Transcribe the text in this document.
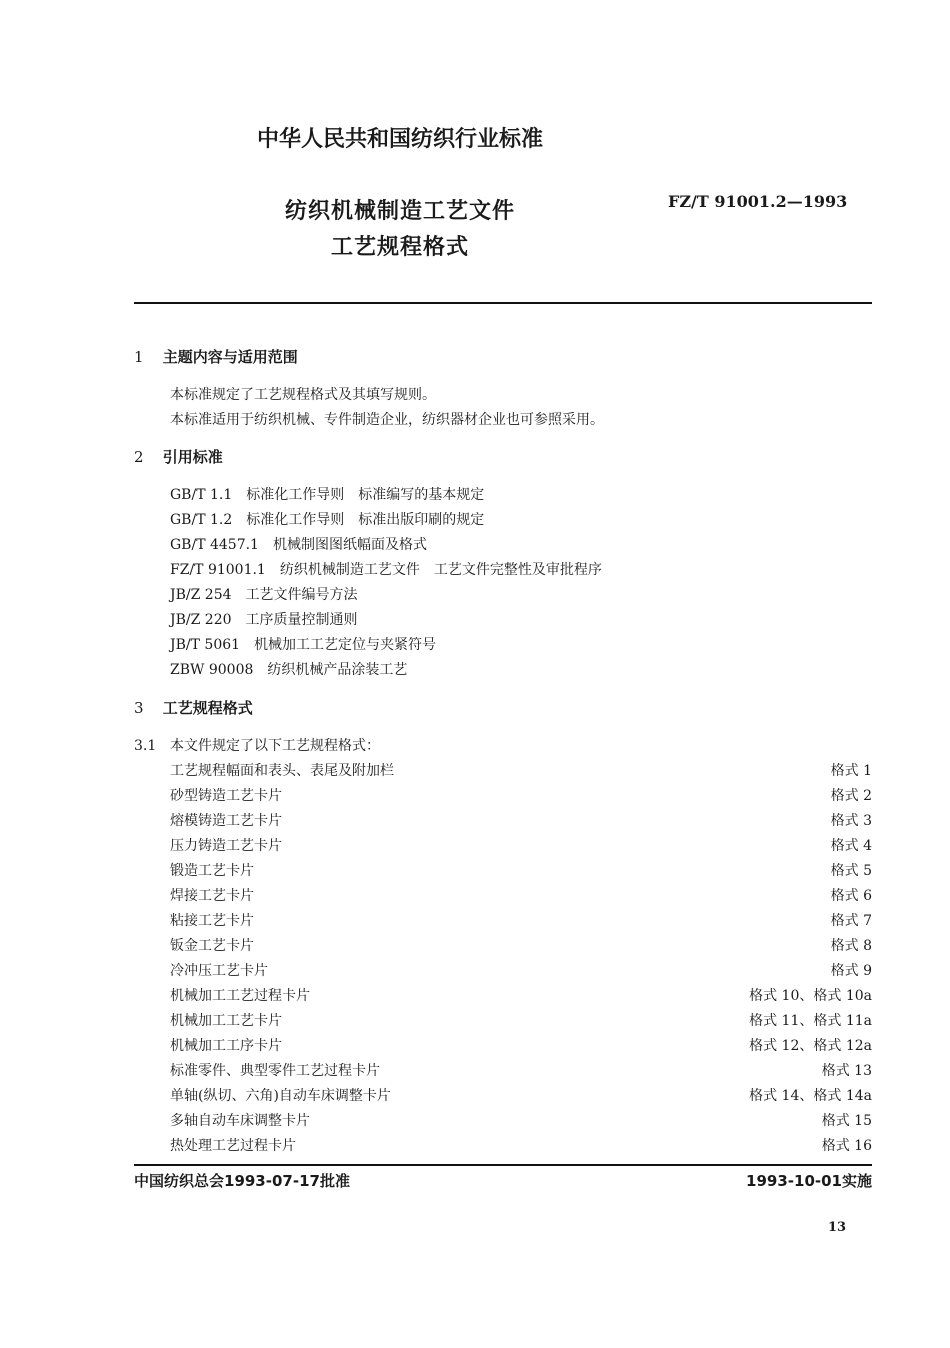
中华人民共和国纺织行业标准
纺织机械制造工艺文件
工艺规程格式
FZ/T 91001.2—1993
1 主题内容与适用范围
本标准规定了工艺规程格式及其填写规则。
本标准适用于纺织机械、专件制造企业，纺织器材企业也可参照采用。
2 引用标准
GB/T 1.1 标准化工作导则　标准编写的基本规定
GB/T 1.2 标准化工作导则　标准出版印刷的规定
GB/T 4457.1 机械制图图纸幅面及格式
FZ/T 91001.1 纺织机械制造工艺文件　工艺文件完整性及审批程序
JB/Z 254 工艺文件编号方法
JB/Z 220 工序质量控制通则
JB/T 5061 机械加工工艺定位与夹紧符号
ZBW 90008 纺织机械产品涂装工艺
3 工艺规程格式
3.1 本文件规定了以下工艺规程格式：
工艺规程幅面和表头、表尾及附加栏	格式 1
砂型铸造工艺卡片	格式 2
熔模铸造工艺卡片	格式 3
压力铸造工艺卡片	格式 4
锻造工艺卡片	格式 5
焊接工艺卡片	格式 6
粘接工艺卡片	格式 7
钣金工艺卡片	格式 8
冷冲压工艺卡片	格式 9
机械加工工艺过程卡片	格式 10、格式 10a
机械加工工艺卡片	格式 11、格式 11a
机械加工工序卡片	格式 12、格式 12a
标准零件、典型零件工艺过程卡片	格式 13
单轴(纵切、六角)自动车床调整卡片	格式 14、格式 14a
多轴自动车床调整卡片	格式 15
热处理工艺过程卡片	格式 16
中国纺织总会1993-07-17批准	1993-10-01实施
13
